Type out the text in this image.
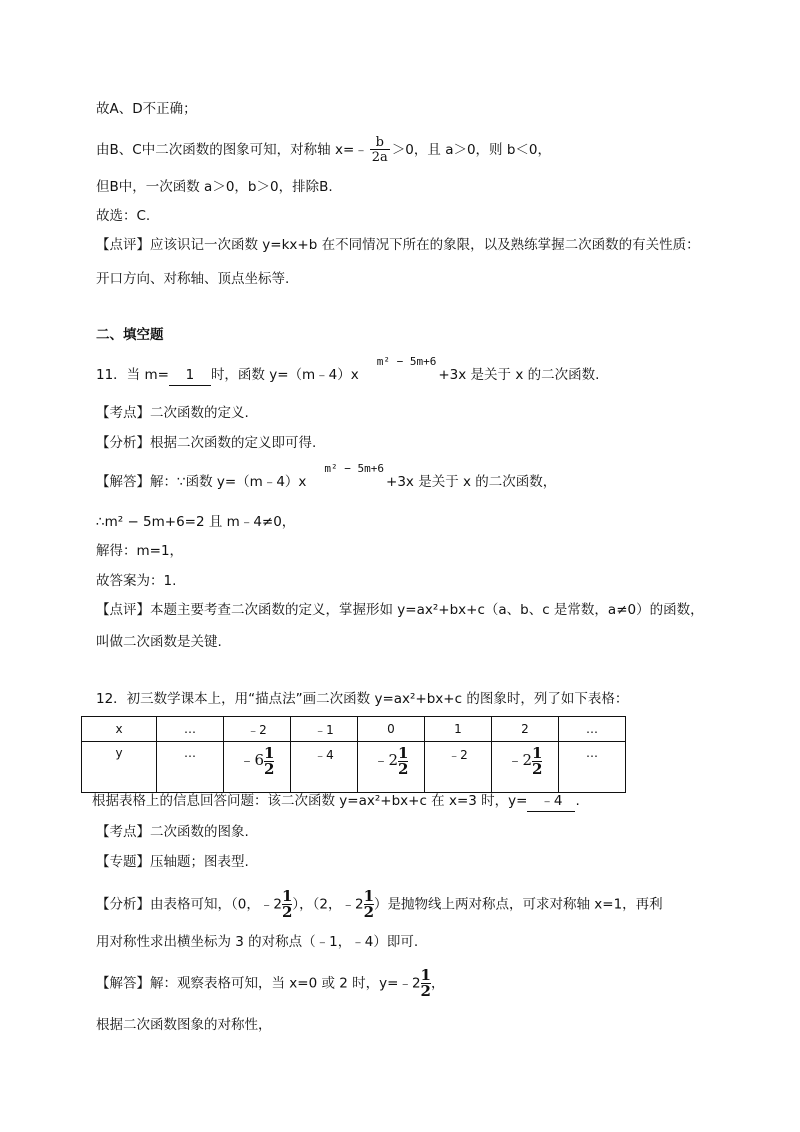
故A、D不正确；
由B、C中二次函数的图象可知，对称轴 x=﹣ $\frac{b}{2a} >0$，且 a＞0，则 b＜0，
但B中，一次函数 a＞0，b＞0，排除B.
故选：C.
【点评】应该识记一次函数 y=kx+b 在不同情况下所在的象限，以及熟练掌握二次函数的有关性质：
开口方向、对称轴、顶点坐标等.
二、填空题
11．当 m= 1 时，函数 $y=(m﹣4)x^{m^2 - 5m+6}+3x$ 是关于 x 的二次函数.
【考点】二次函数的定义.
【分析】根据二次函数的定义即可得.
【解答】解：∵函数 $y=(m﹣4)x^{m^2 - 5m+6}+3x$ 是关于 x 的二次函数，
∴m² − 5m+6=2 且 m﹣4≠0，
解得：m=1，
故答案为：1.
【点评】本题主要考查二次函数的定义，掌握形如 y=ax²+bx+c（a、b、c 是常数，a≠0）的函数，
叫做二次函数是关键.
12．初三数学课本上，用“描点法”画二次函数 y=ax²+bx+c 的图象时，列了如下表格：
x	…	﹣2	﹣1	0	1	2	…
y	…	﹣6 $\frac{1}{2}$	﹣4	﹣2 $\frac{1}{2}$	﹣2	﹣2 $\frac{1}{2}$	…
根据表格上的信息回答问题：该二次函数 y=ax²+bx+c 在 x=3 时，y= ﹣4 .
【考点】二次函数的图象.
【专题】压轴题；图表型.
【分析】由表格可知，（0，﹣2 $\frac{1}{2}$ ），（2，﹣2 $\frac{1}{2}$ ）是抛物线上两对称点，可求对称轴 x=1，再利
用对称性求出横坐标为 3 的对称点（﹣1，﹣4）即可.
【解答】解：观察表格可知，当 x=0 或 2 时，y=﹣2 $\frac{1}{2}$ ，
根据二次函数图象的对称性，
